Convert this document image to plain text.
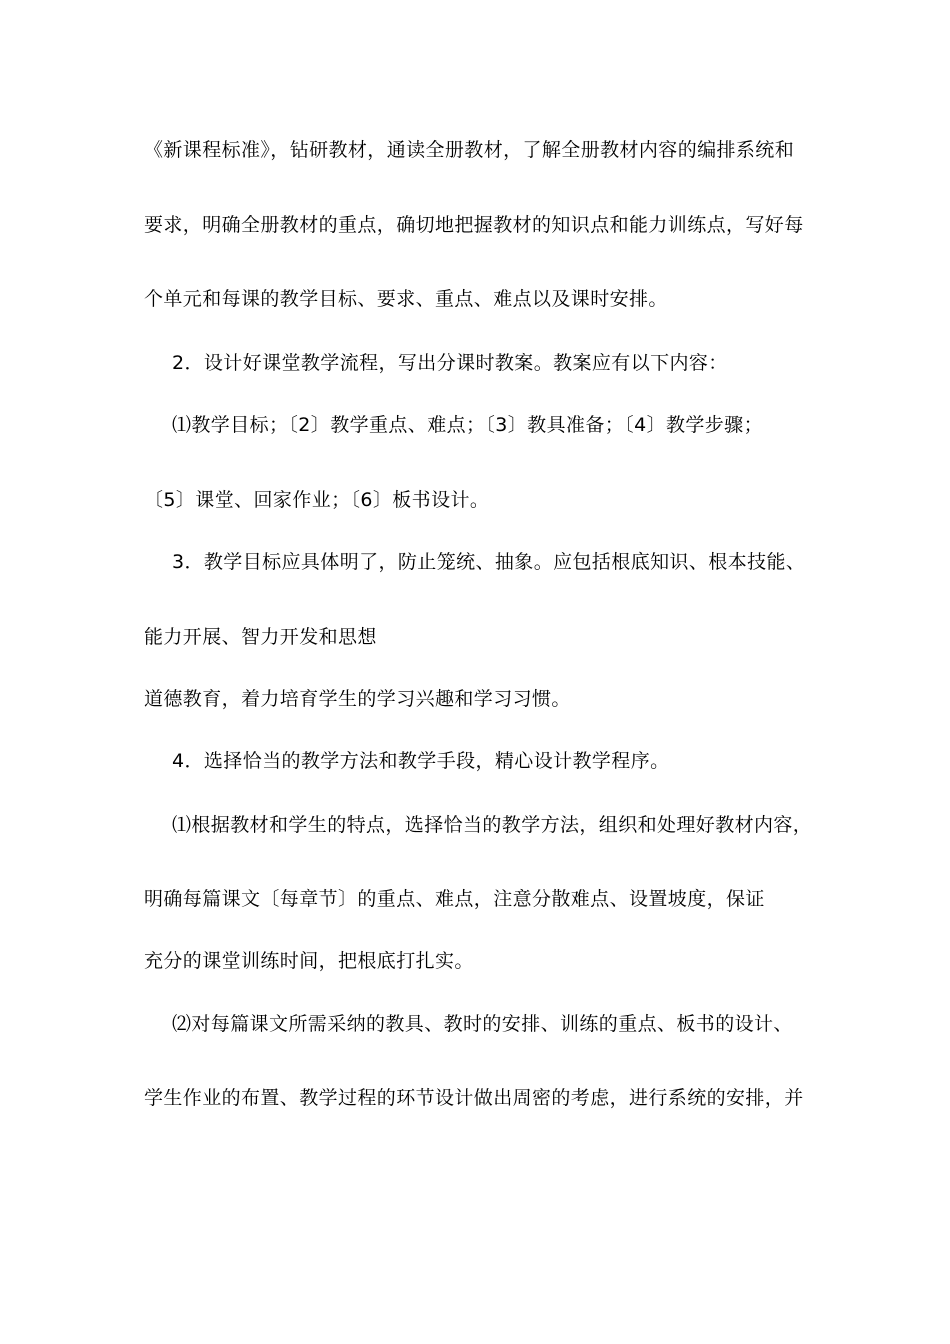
《新课程标准》，钻研教材，通读全册教材，了解全册教材内容的编排系统和
要求，明确全册教材的重点，确切地把握教材的知识点和能力训练点，写好每
个单元和每课的教学目标、要求、重点、难点以及课时安排。
2．设计好课堂教学流程，写出分课时教案。教案应有以下内容：
⑴教学目标；〔2〕教学重点、难点；〔3〕教具准备；〔4〕教学步骤；
〔5〕课堂、回家作业；〔6〕板书设计。
3．教学目标应具体明了，防止笼统、抽象。应包括根底知识、根本技能、
能力开展、智力开发和思想
道德教育，着力培育学生的学习兴趣和学习习惯。
4．选择恰当的教学方法和教学手段，精心设计教学程序。
⑴根据教材和学生的特点，选择恰当的教学方法，组织和处理好教材内容，
明确每篇课文〔每章节〕的重点、难点，注意分散难点、设置坡度，保证
充分的课堂训练时间，把根底打扎实。
⑵对每篇课文所需采纳的教具、教时的安排、训练的重点、板书的设计、
学生作业的布置、教学过程的环节设计做出周密的考虑，进行系统的安排，并
